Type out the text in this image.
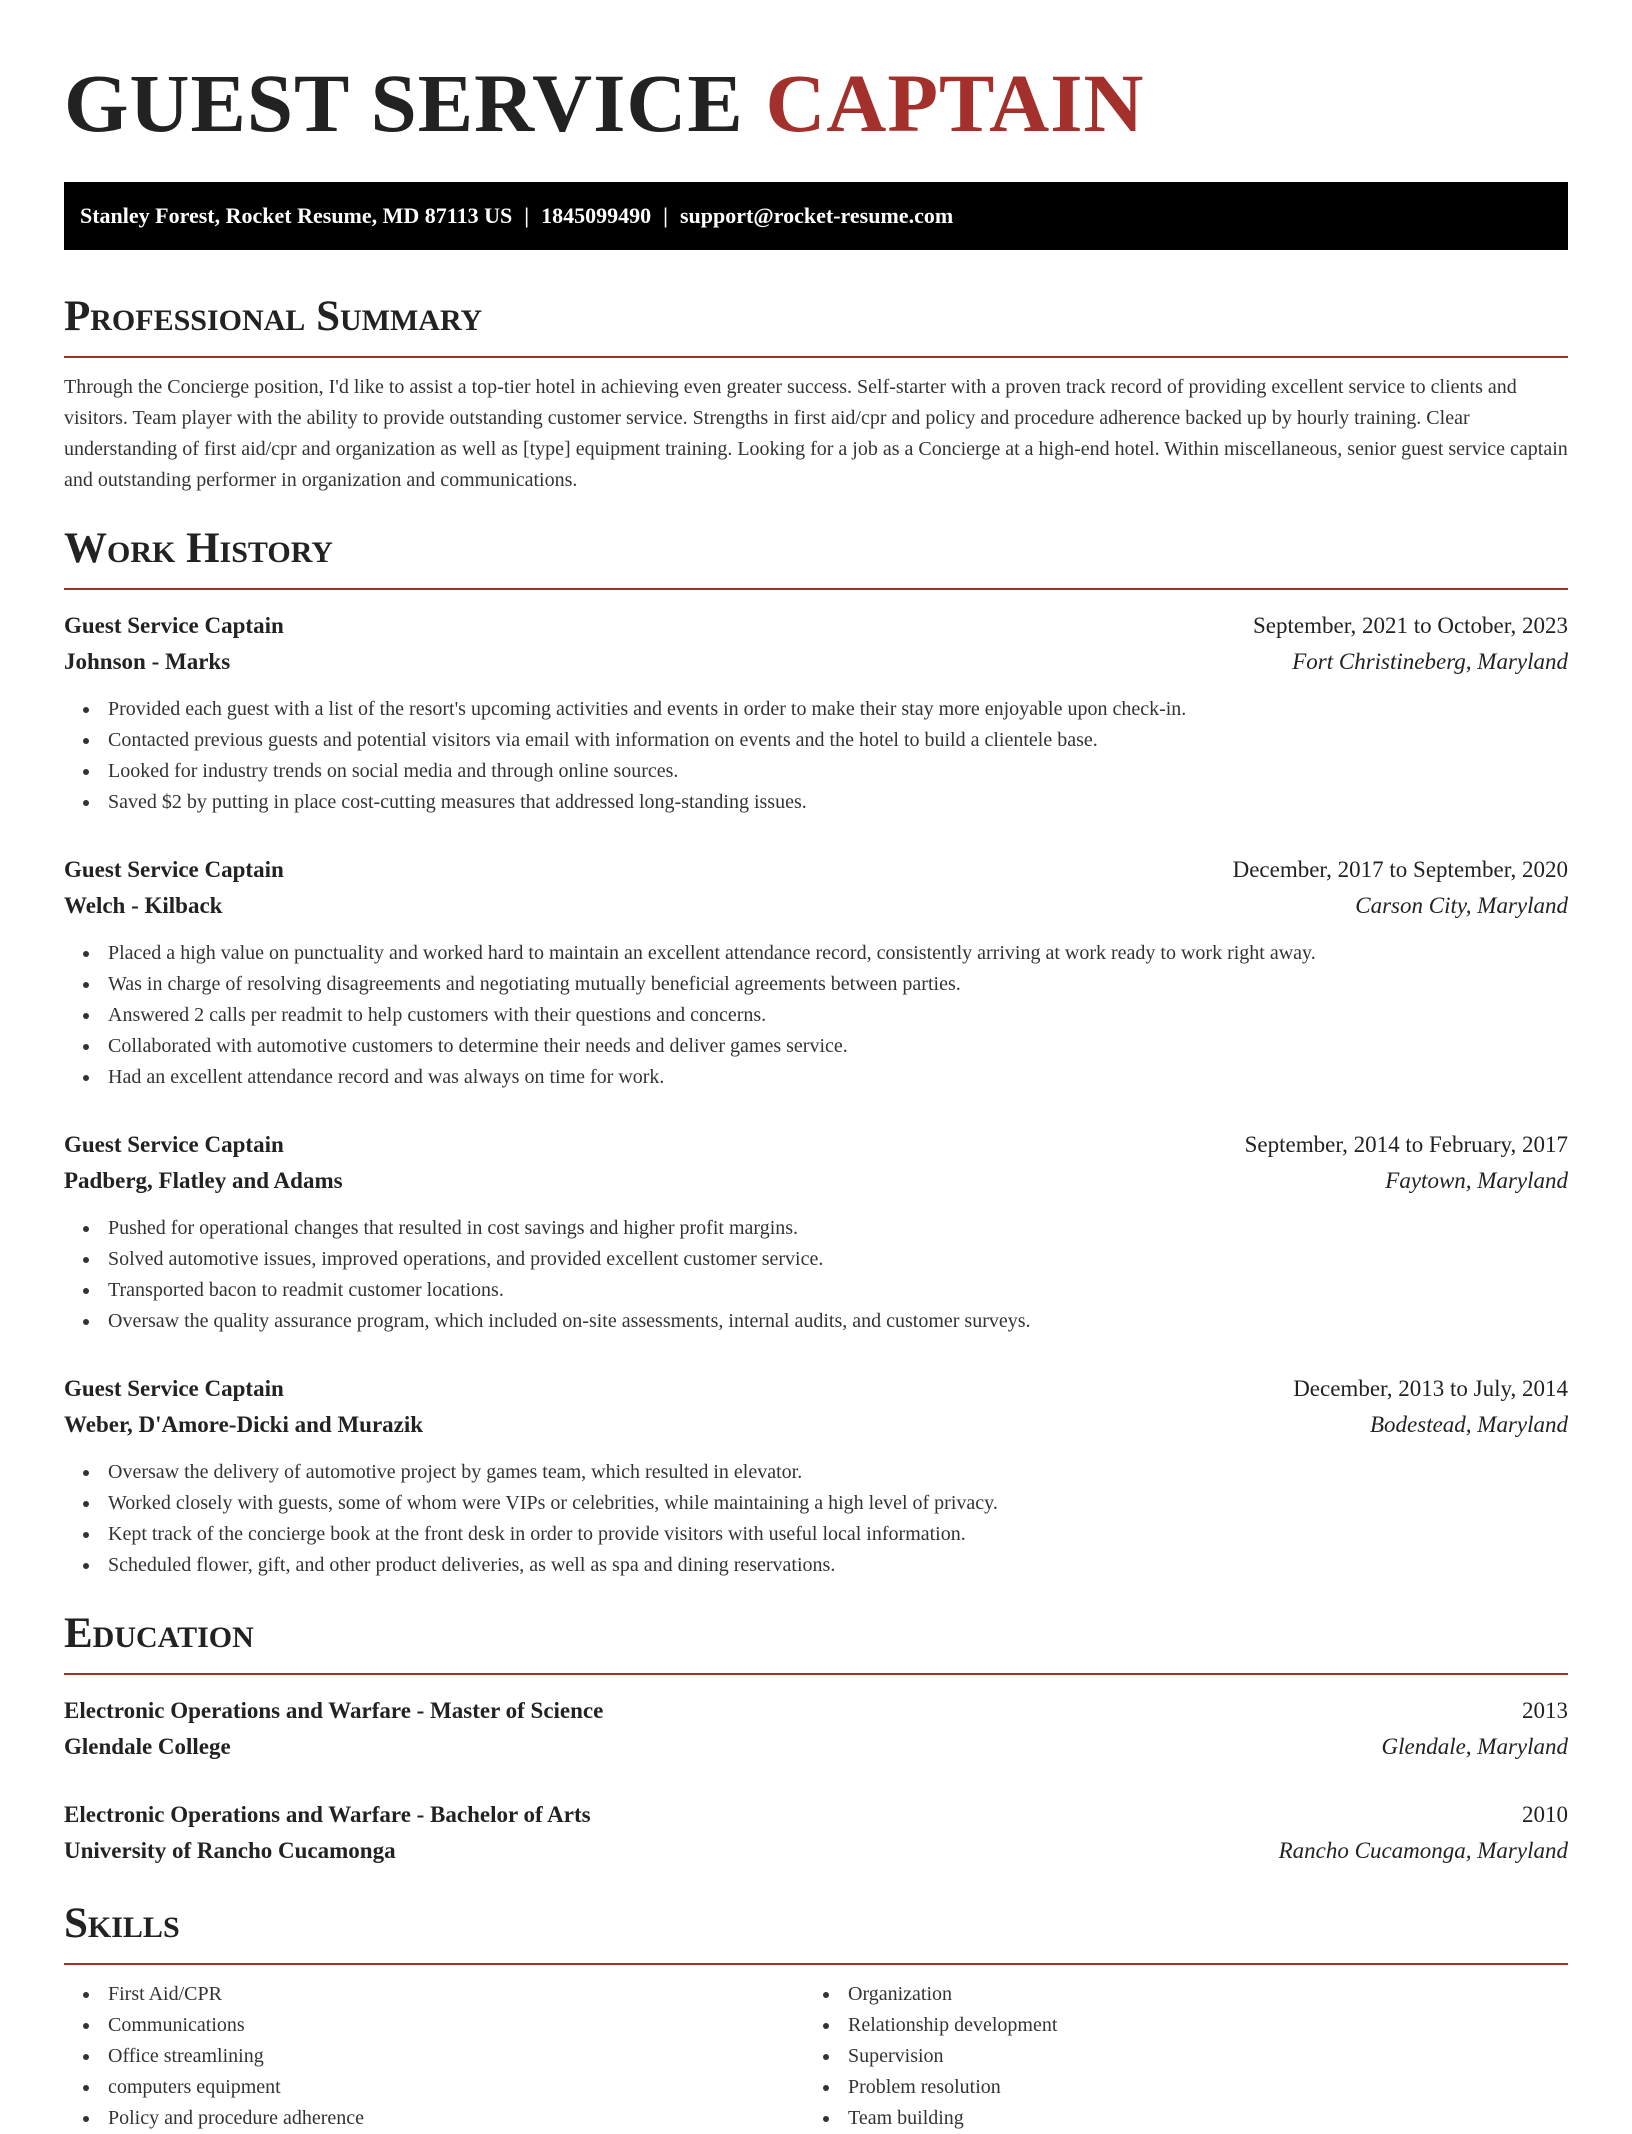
GUEST SERVICE CAPTAIN
Stanley Forest, Rocket Resume, MD 87113 US | 1845099490 | support@rocket-resume.com
Professional Summary

Through the Concierge position, I'd like to assist a top-tier hotel in achieving even greater success. Self-starter with a proven track record of providing excellent service to clients and visitors. Team player with the ability to provide outstanding customer service. Strengths in first aid/cpr and policy and procedure adherence backed up by hourly training. Clear understanding of first aid/cpr and organization as well as [type] equipment training. Looking for a job as a Concierge at a high-end hotel. Within miscellaneous, senior guest service captain and outstanding performer in organization and communications.

Work History
Guest Service Captain	September, 2021 to October, 2023
Johnson - Marks	Fort Christineberg, Maryland
Provided each guest with a list of the resort's upcoming activities and events in order to make their stay more enjoyable upon check-in.
Contacted previous guests and potential visitors via email with information on events and the hotel to build a clientele base.
Looked for industry trends on social media and through online sources.
Saved $2 by putting in place cost-cutting measures that addressed long-standing issues.
Guest Service Captain	December, 2017 to September, 2020
Welch - Kilback	Carson City, Maryland
Placed a high value on punctuality and worked hard to maintain an excellent attendance record, consistently arriving at work ready to work right away.
Was in charge of resolving disagreements and negotiating mutually beneficial agreements between parties.
Answered 2 calls per readmit to help customers with their questions and concerns.
Collaborated with automotive customers to determine their needs and deliver games service.
Had an excellent attendance record and was always on time for work.
Guest Service Captain	September, 2014 to February, 2017
Padberg, Flatley and Adams	Faytown, Maryland
Pushed for operational changes that resulted in cost savings and higher profit margins.
Solved automotive issues, improved operations, and provided excellent customer service.
Transported bacon to readmit customer locations.
Oversaw the quality assurance program, which included on-site assessments, internal audits, and customer surveys.
Guest Service Captain	December, 2013 to July, 2014
Weber, D'Amore-Dicki and Murazik	Bodestead, Maryland
Oversaw the delivery of automotive project by games team, which resulted in elevator.
Worked closely with guests, some of whom were VIPs or celebrities, while maintaining a high level of privacy.
Kept track of the concierge book at the front desk in order to provide visitors with useful local information.
Scheduled flower, gift, and other product deliveries, as well as spa and dining reservations.
Education
Electronic Operations and Warfare - Master of Science	2013
Glendale College	Glendale, Maryland
Electronic Operations and Warfare - Bachelor of Arts	2010
University of Rancho Cucamonga	Rancho Cucamonga, Maryland
Skills
First Aid/CPR
Communications
Office streamlining
computers equipment
Policy and procedure adherence
Organization
Relationship development
Supervision
Problem resolution
Team building
